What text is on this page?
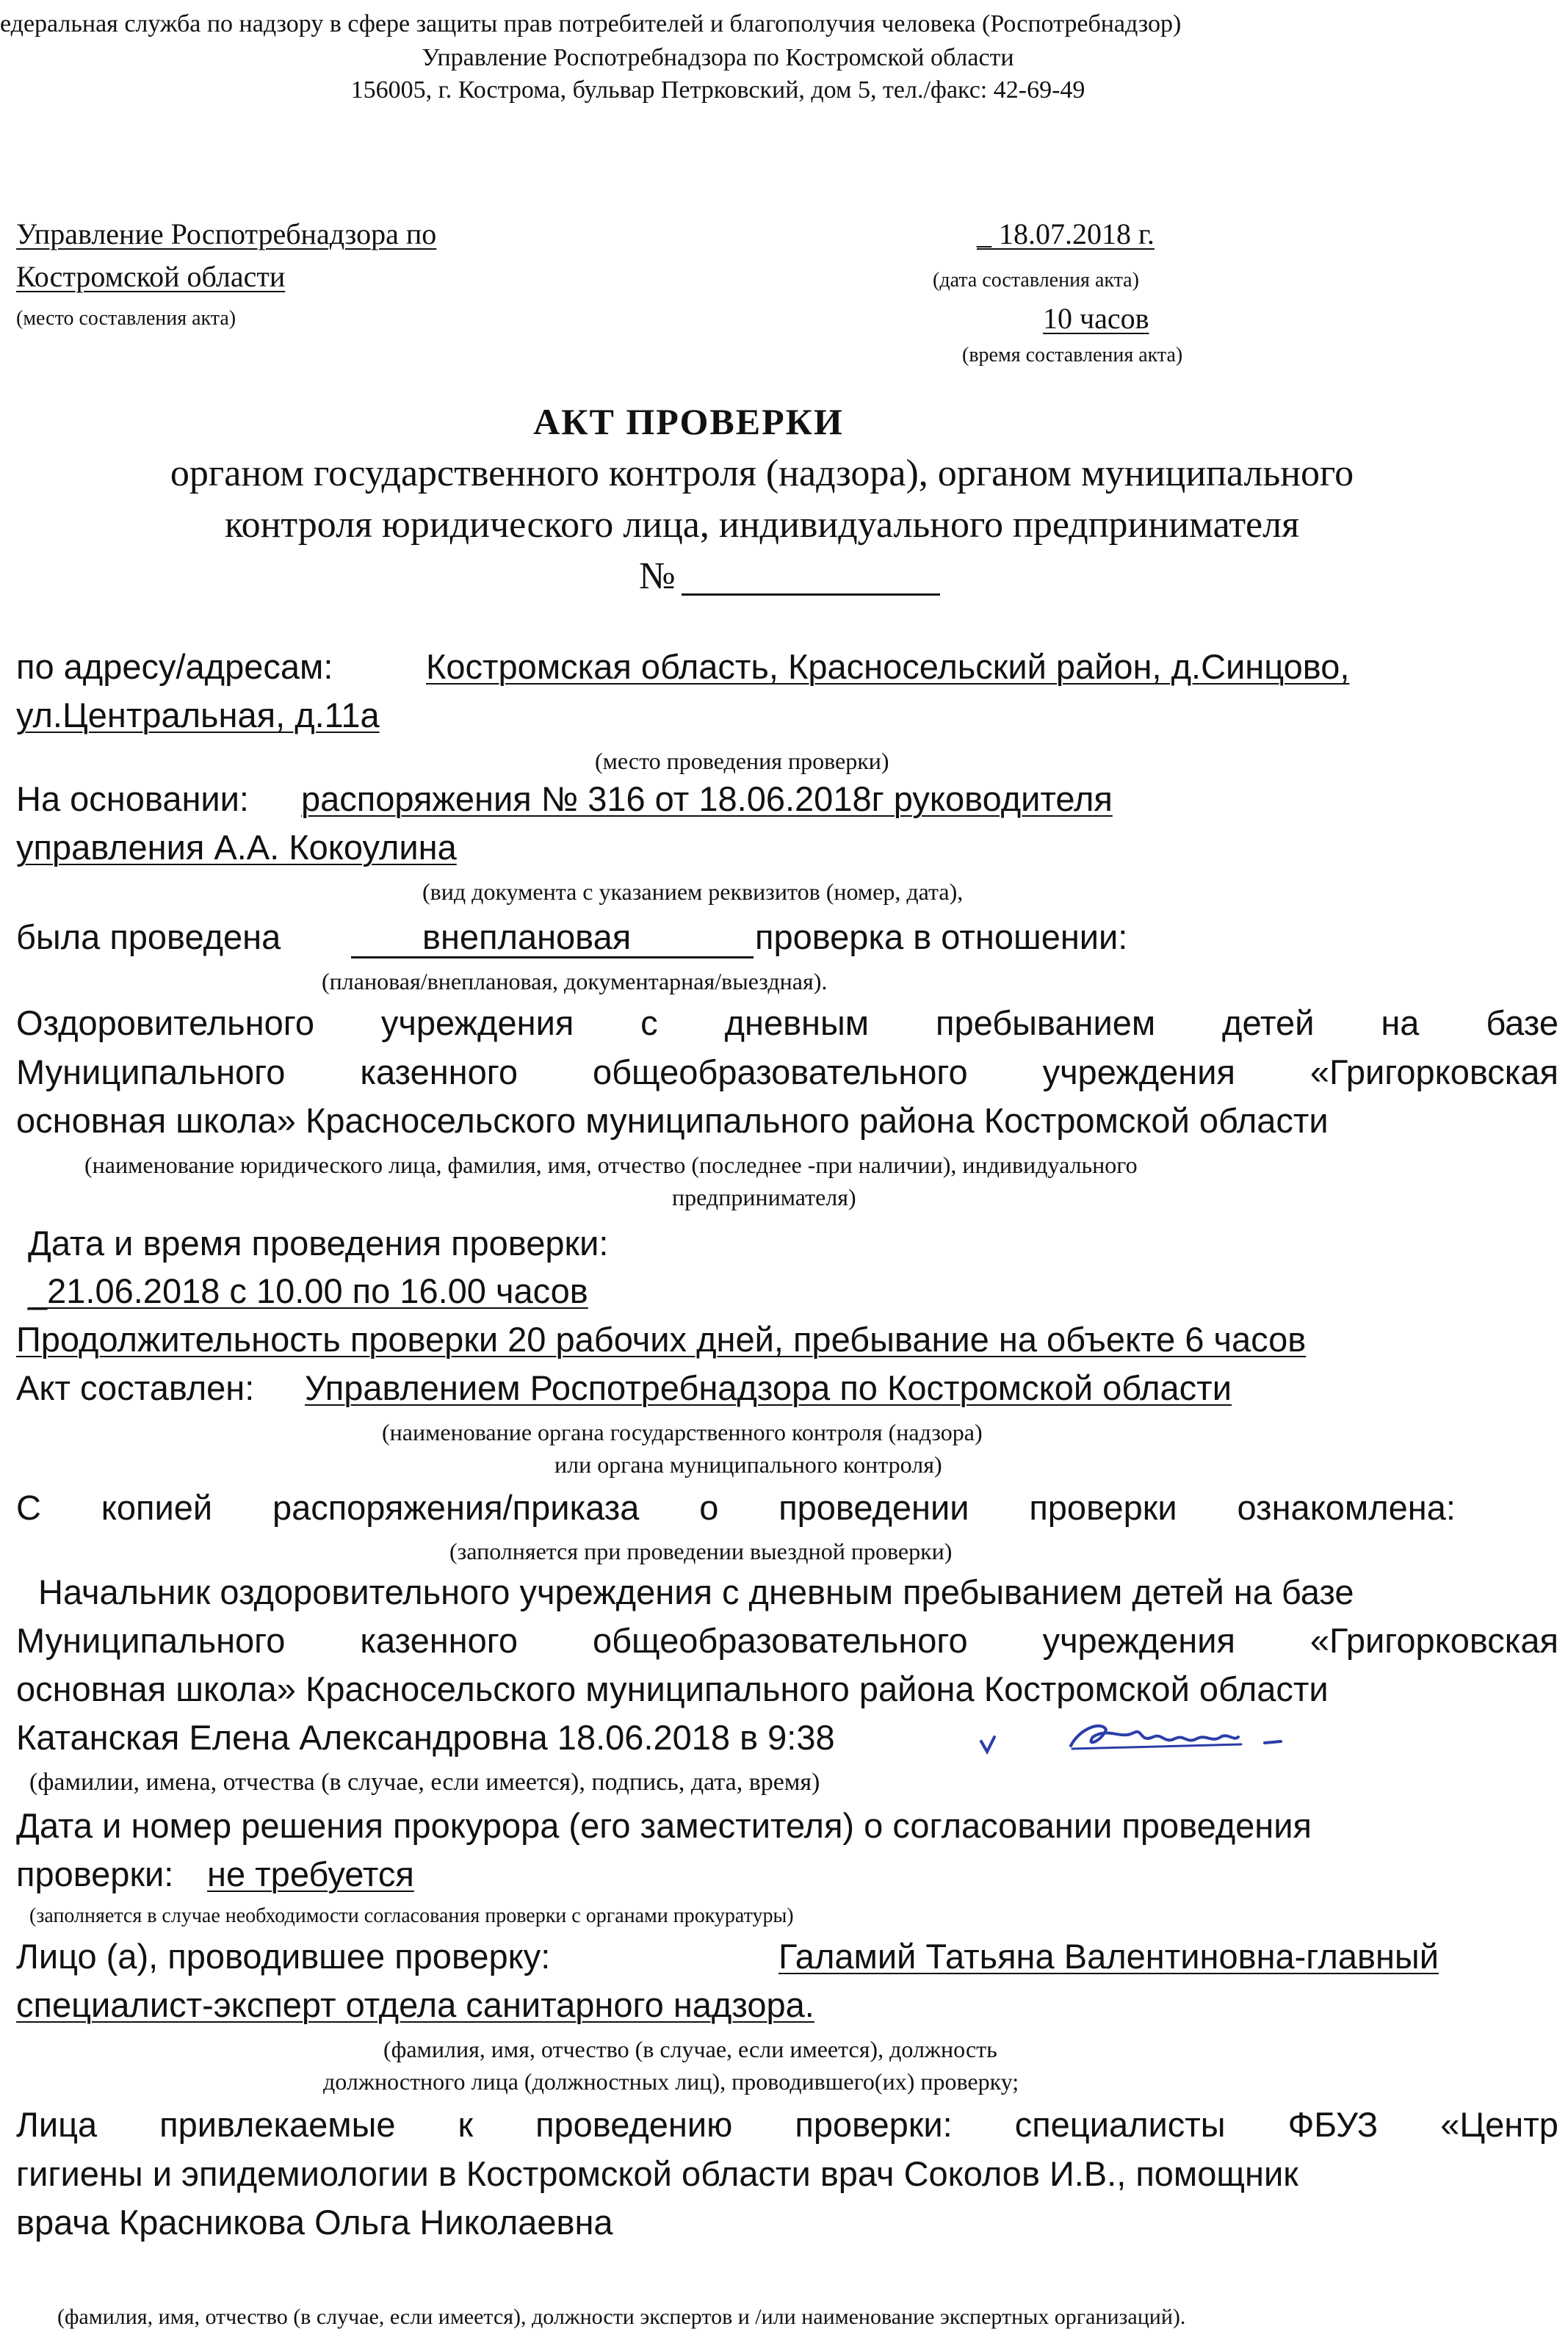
едеральная служба по надзору в сфере защиты прав потребителей и благополучия человека (Роспотребнадзор)
Управление Роспотребнадзора по Костромской области
156005, г. Кострома, бульвар Петрковский, дом 5, тел./факс: 42-69-49
Управление Роспотребнадзора по
Костромской области
(место составления акта)
_ 18.07.2018 г.
(дата составления акта)
10 часов
(время составления акта)
АКТ ПРОВЕРКИ
органом государственного контроля (надзора), органом муниципального
контроля юридического лица, индивидуального предпринимателя
№
по адресу/адресам:	Костромская область, Красносельский район, д.Синцово,
ул.Центральная, д.11а
(место проведения проверки)
На основании: распоряжения № 316 от 18.06.2018г руководителя
управления А.А. Кокоулина
(вид документа с указанием реквизитов (номер, дата),
была проведена	внеплановая	проверка в отношении:
(плановая/внеплановая, документарная/выездная).
Оздоровительного учреждения с дневным пребыванием детей на базе
Муниципального казенного общеобразовательного учреждения «Григорковская
основная школа» Красносельского муниципального района Костромской области
(наименование юридического лица, фамилия, имя, отчество (последнее -при наличии), индивидуального
предпринимателя)
Дата и время проведения проверки:
_21.06.2018 с 10.00 по 16.00 часов
Продолжительность проверки 20 рабочих дней, пребывание на объекте 6 часов
Акт составлен: Управлением Роспотребнадзора по Костромской области
(наименование органа государственного контроля (надзора)
или органа муниципального контроля)
С копией распоряжения/приказа о проведении проверки ознакомлена:
(заполняется при проведении выездной проверки)
Начальник оздоровительного учреждения с дневным пребыванием детей на базе
Муниципального казенного общеобразовательного учреждения «Григорковская
основная школа» Красносельского муниципального района Костромской области
Катанская Елена Александровна 18.06.2018 в 9:38
(фамилии, имена, отчества (в случае, если имеется), подпись, дата, время)
Дата и номер решения прокурора (его заместителя) о согласовании проведения
проверки: не требуется
(заполняется в случае необходимости согласования проверки с органами прокуратуры)
Лицо (а), проводившее проверку:	Галамий Татьяна Валентиновна-главный
специалист-эксперт отдела санитарного надзора.
(фамилия, имя, отчество (в случае, если имеется), должность
должностного лица (должностных лиц), проводившего(их) проверку;
Лица привлекаемые к проведению проверки: специалисты ФБУЗ «Центр
гигиены и эпидемиологии в Костромской области врач Соколов И.В., помощник
врача Красникова Ольга Николаевна
(фамилия, имя, отчество (в случае, если имеется), должности экспертов и /или наименование экспертных организаций).
